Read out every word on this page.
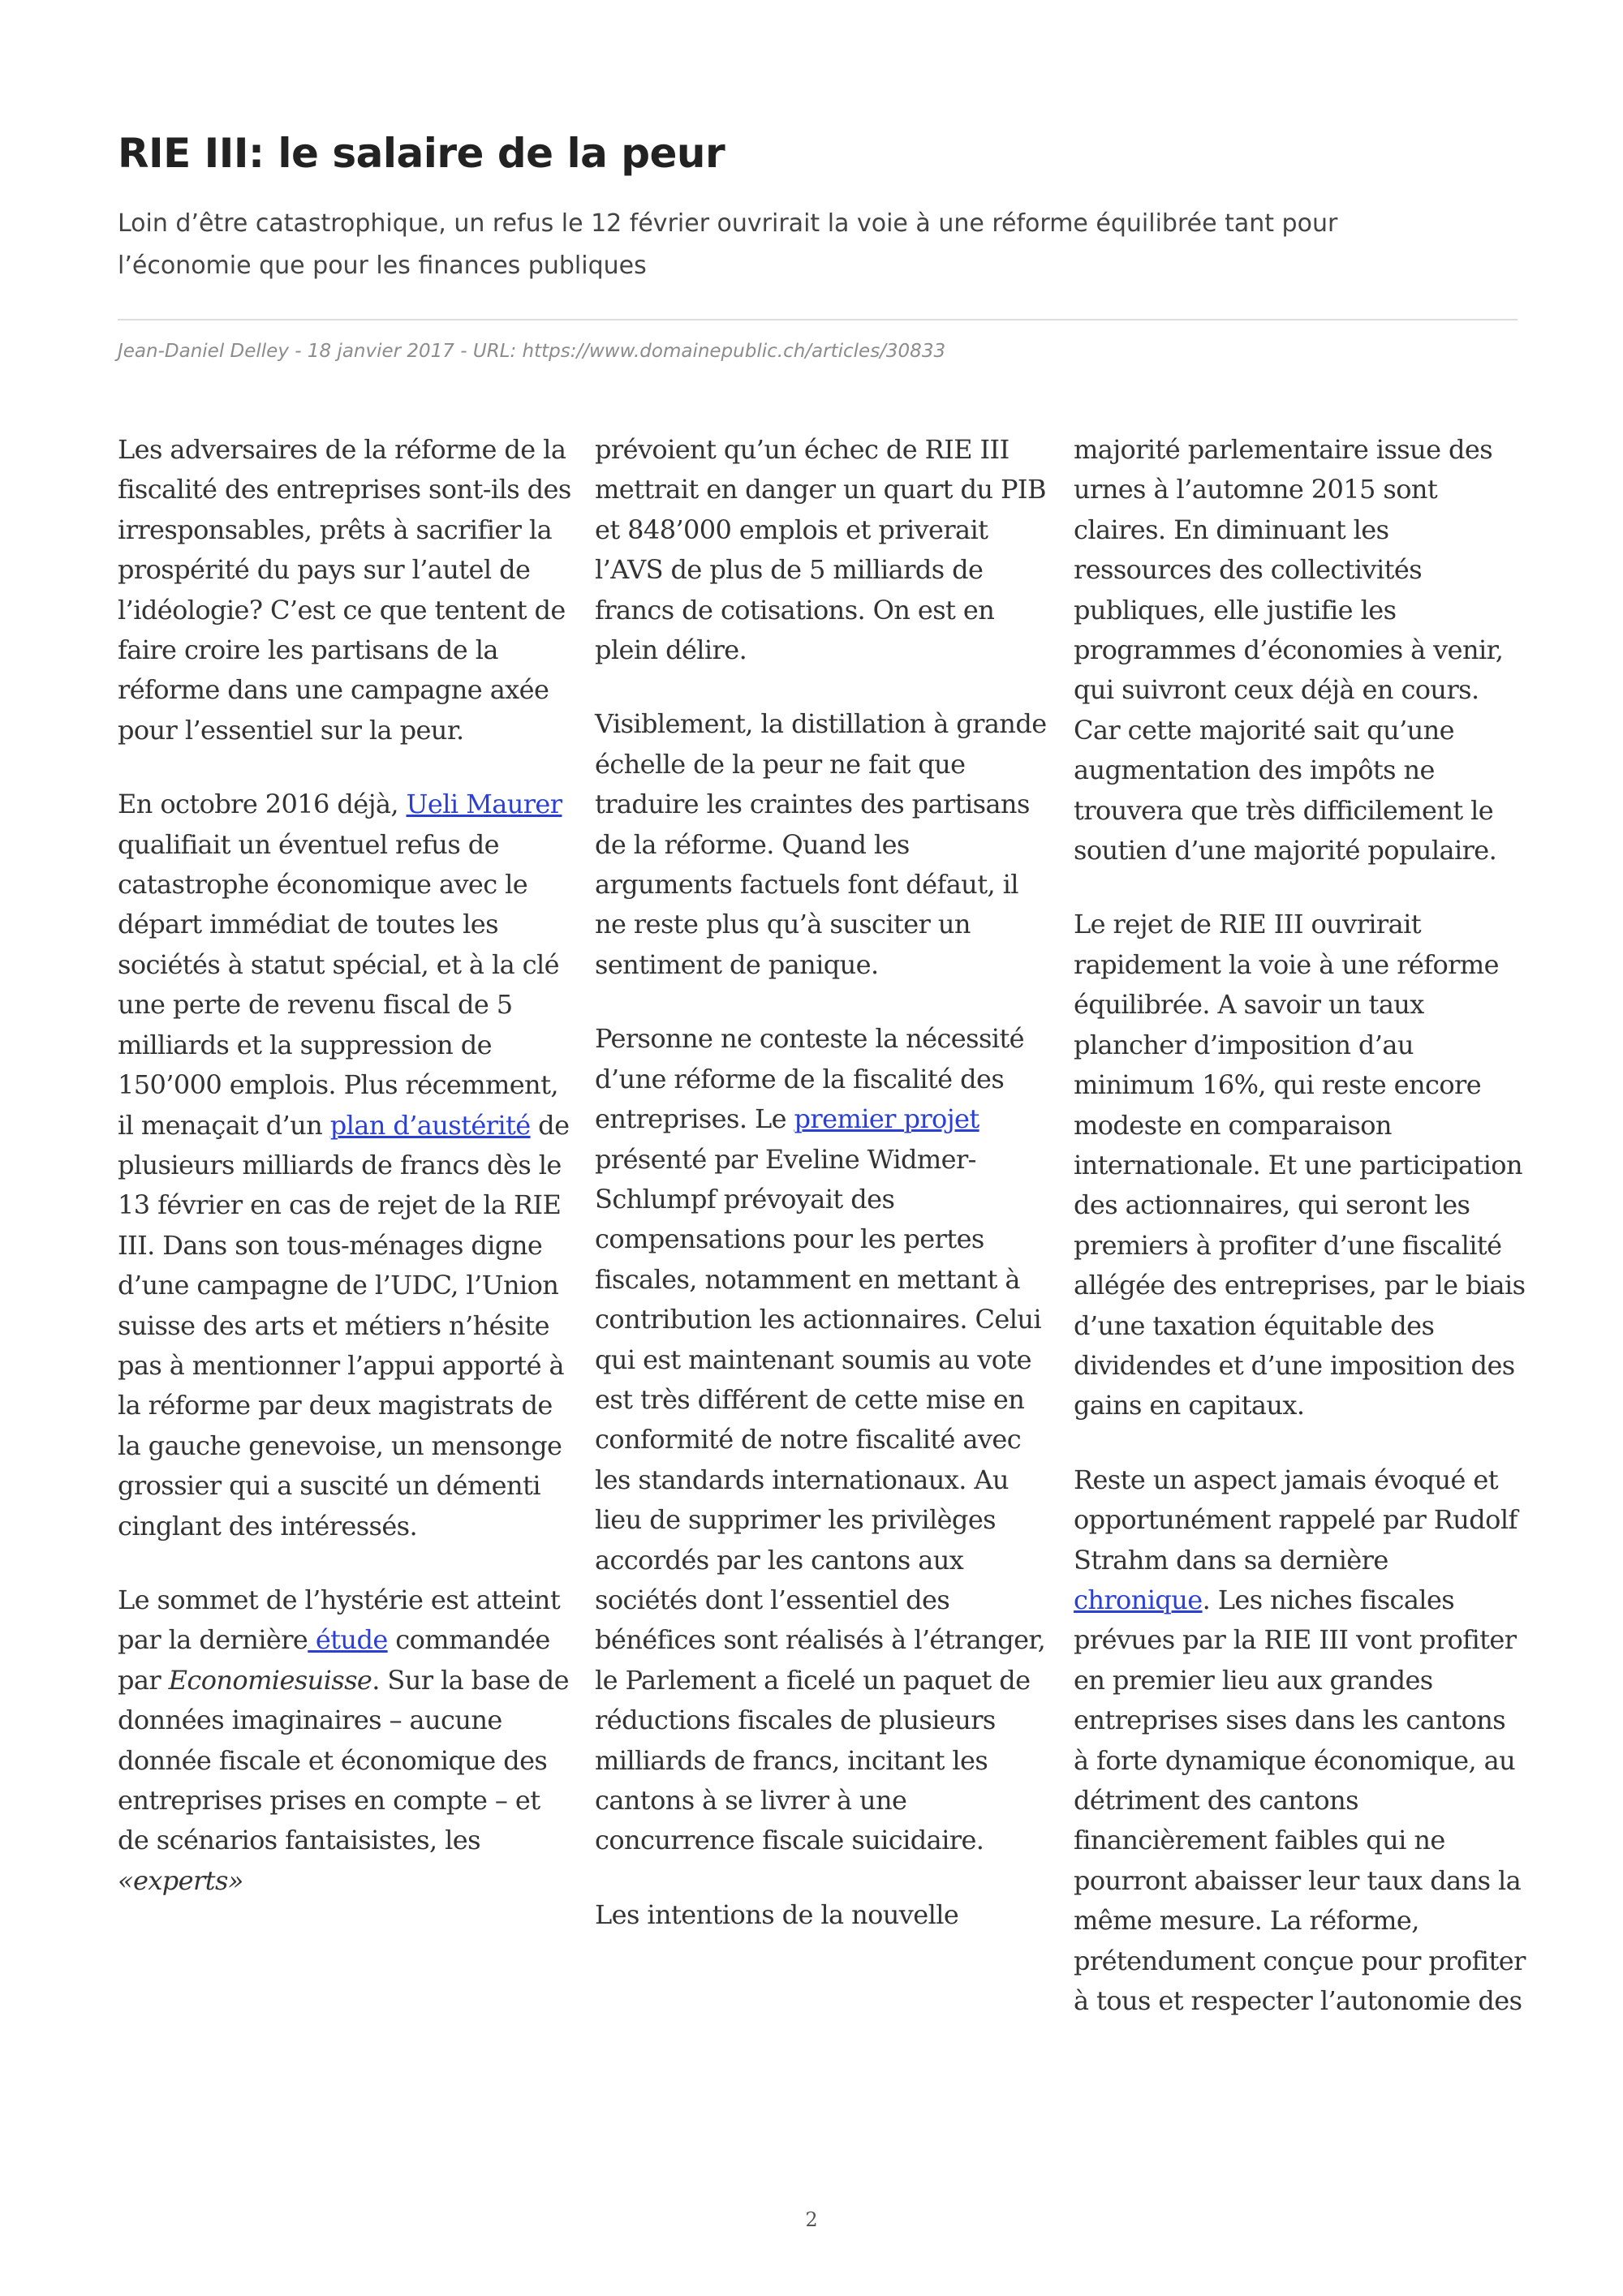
RIE III: le salaire de la peur

Loin d’être catastrophique, un refus le 12 février ouvrirait la voie à une réforme équilibrée tant pour l’économie que pour les finances publiques

Jean-Daniel Delley - 18 janvier 2017 - URL: https://www.domainepublic.ch/articles/30833

Les adversaires de la réforme de la fiscalité des entreprises sont-ils des irresponsables, prêts à sacrifier la prospérité du pays sur l’autel de l’idéologie? C’est ce que tentent de faire croire les partisans de la réforme dans une campagne axée pour l’essentiel sur la peur.

En octobre 2016 déjà, Ueli Maurer qualifiait un éventuel refus de catastrophe économique avec le départ immédiat de toutes les sociétés à statut spécial, et à la clé une perte de revenu fiscal de 5 milliards et la suppression de 150’000 emplois. Plus récemment, il menaçait d’un plan d’austérité de plusieurs milliards de francs dès le 13 février en cas de rejet de la RIE III. Dans son tous-ménages digne d’une campagne de l’UDC, l’Union suisse des arts et métiers n’hésite pas à mentionner l’appui apporté à la réforme par deux magistrats de la gauche genevoise, un mensonge grossier qui a suscité un démenti cinglant des intéressés.

Le sommet de l’hystérie est atteint par la dernière étude commandée par Economiesuisse. Sur la base de données imaginaires – aucune donnée fiscale et économique des entreprises prises en compte – et de scénarios fantaisistes, les «experts»

prévoient qu’un échec de RIE III mettrait en danger un quart du PIB et 848’000 emplois et priverait l’AVS de plus de 5 milliards de francs de cotisations. On est en plein délire.

Visiblement, la distillation à grande échelle de la peur ne fait que traduire les craintes des partisans de la réforme. Quand les arguments factuels font défaut, il ne reste plus qu’à susciter un sentiment de panique.

Personne ne conteste la nécessité d’une réforme de la fiscalité des entreprises. Le premier projet présenté par Eveline Widmer-Schlumpf prévoyait des compensations pour les pertes fiscales, notamment en mettant à contribution les actionnaires. Celui qui est maintenant soumis au vote est très différent de cette mise en conformité de notre fiscalité avec les standards internationaux. Au lieu de supprimer les privilèges accordés par les cantons aux sociétés dont l’essentiel des bénéfices sont réalisés à l’étranger, le Parlement a ficelé un paquet de réductions fiscales de plusieurs milliards de francs, incitant les cantons à se livrer à une concurrence fiscale suicidaire.

Les intentions de la nouvelle

majorité parlementaire issue des urnes à l’automne 2015 sont claires. En diminuant les ressources des collectivités publiques, elle justifie les programmes d’économies à venir, qui suivront ceux déjà en cours. Car cette majorité sait qu’une augmentation des impôts ne trouvera que très difficilement le soutien d’une majorité populaire.

Le rejet de RIE III ouvrirait rapidement la voie à une réforme équilibrée. A savoir un taux plancher d’imposition d’au minimum 16%, qui reste encore modeste en comparaison internationale. Et une participation des actionnaires, qui seront les premiers à profiter d’une fiscalité allégée des entreprises, par le biais d’une taxation équitable des dividendes et d’une imposition des gains en capitaux.

Reste un aspect jamais évoqué et opportunément rappelé par Rudolf Strahm dans sa dernière chronique. Les niches fiscales prévues par la RIE III vont profiter en premier lieu aux grandes entreprises sises dans les cantons à forte dynamique économique, au détriment des cantons financièrement faibles qui ne pourront abaisser leur taux dans la même mesure. La réforme, prétendument conçue pour profiter à tous et respecter l’autonomie des

2
